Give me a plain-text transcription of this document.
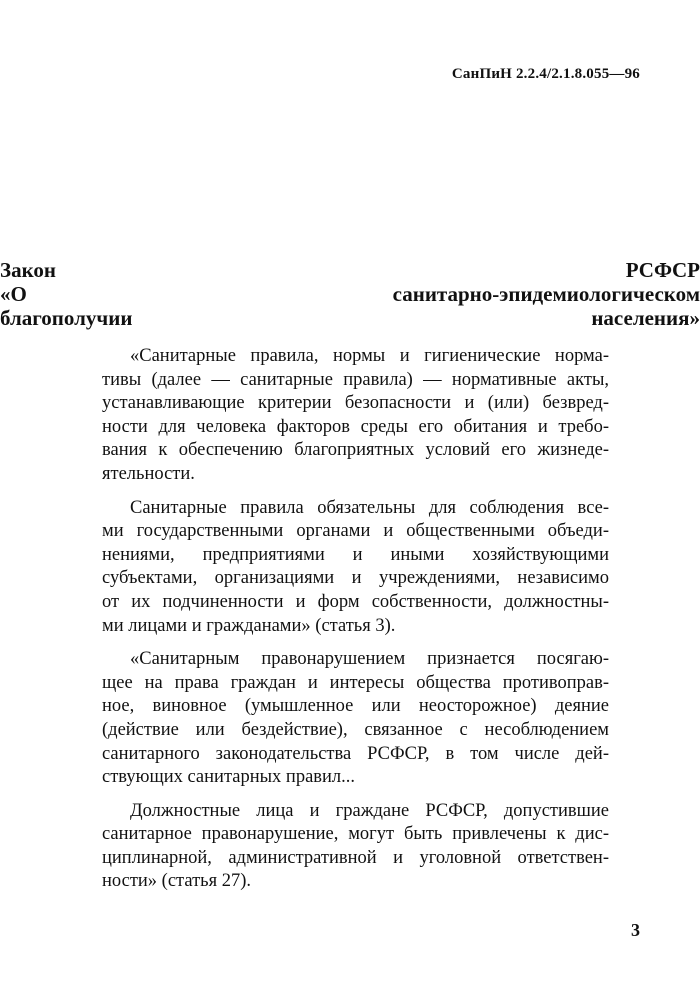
СанПиН 2.2.4/2.1.8.055—96
Закон РСФСР
«О санитарно-эпидемиологическом
благополучии населения»
«Санитарные правила, нормы и гигиенические норма-
тивы (далее — санитарные правила) — нормативные акты,
устанавливающие критерии безопасности и (или) безвред-
ности для человека факторов среды его обитания и требо-
вания к обеспечению благоприятных условий его жизнеде-
ятельности.
Санитарные правила обязательны для соблюдения все-
ми государственными органами и общественными объеди-
нениями, предприятиями и иными хозяйствующими
субъектами, организациями и учреждениями, независимо
от их подчиненности и форм собственности, должностны-
ми лицами и гражданами» (статья 3).
«Санитарным правонарушением признается посягаю-
щее на права граждан и интересы общества противоправ-
ное, виновное (умышленное или неосторожное) деяние
(действие или бездействие), связанное с несоблюдением
санитарного законодательства РСФСР, в том числе дей-
ствующих санитарных правил...
Должностные лица и граждане РСФСР, допустившие
санитарное правонарушение, могут быть привлечены к дис-
циплинарной, административной и уголовной ответствен-
ности» (статья 27).
3
